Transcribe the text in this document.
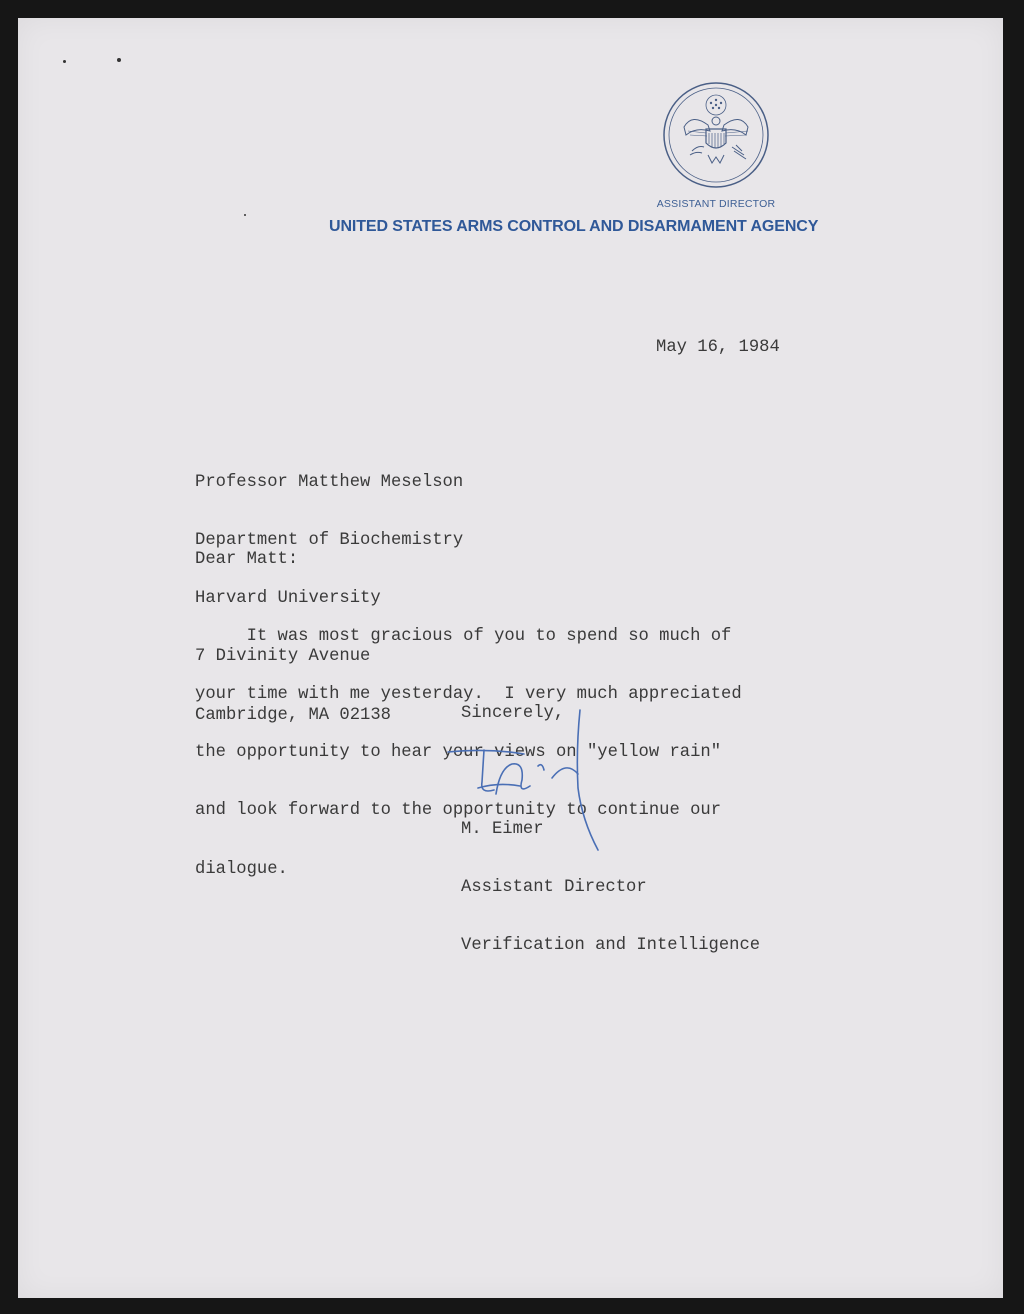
ASSISTANT DIRECTOR
UNITED STATES ARMS CONTROL AND DISARMAMENT AGENCY
May 16, 1984

Professor Matthew Meselson

Department of Biochemistry

Harvard University

7 Divinity Avenue

Cambridge, MA 02138

Dear Matt:

It was most gracious of you to spend so much of

your time with me yesterday.  I very much appreciated

the opportunity to hear your views on "yellow rain"

and look forward to the opportunity to continue our

dialogue.

Sincerely,

M. Eimer

Assistant Director

Verification and Intelligence
